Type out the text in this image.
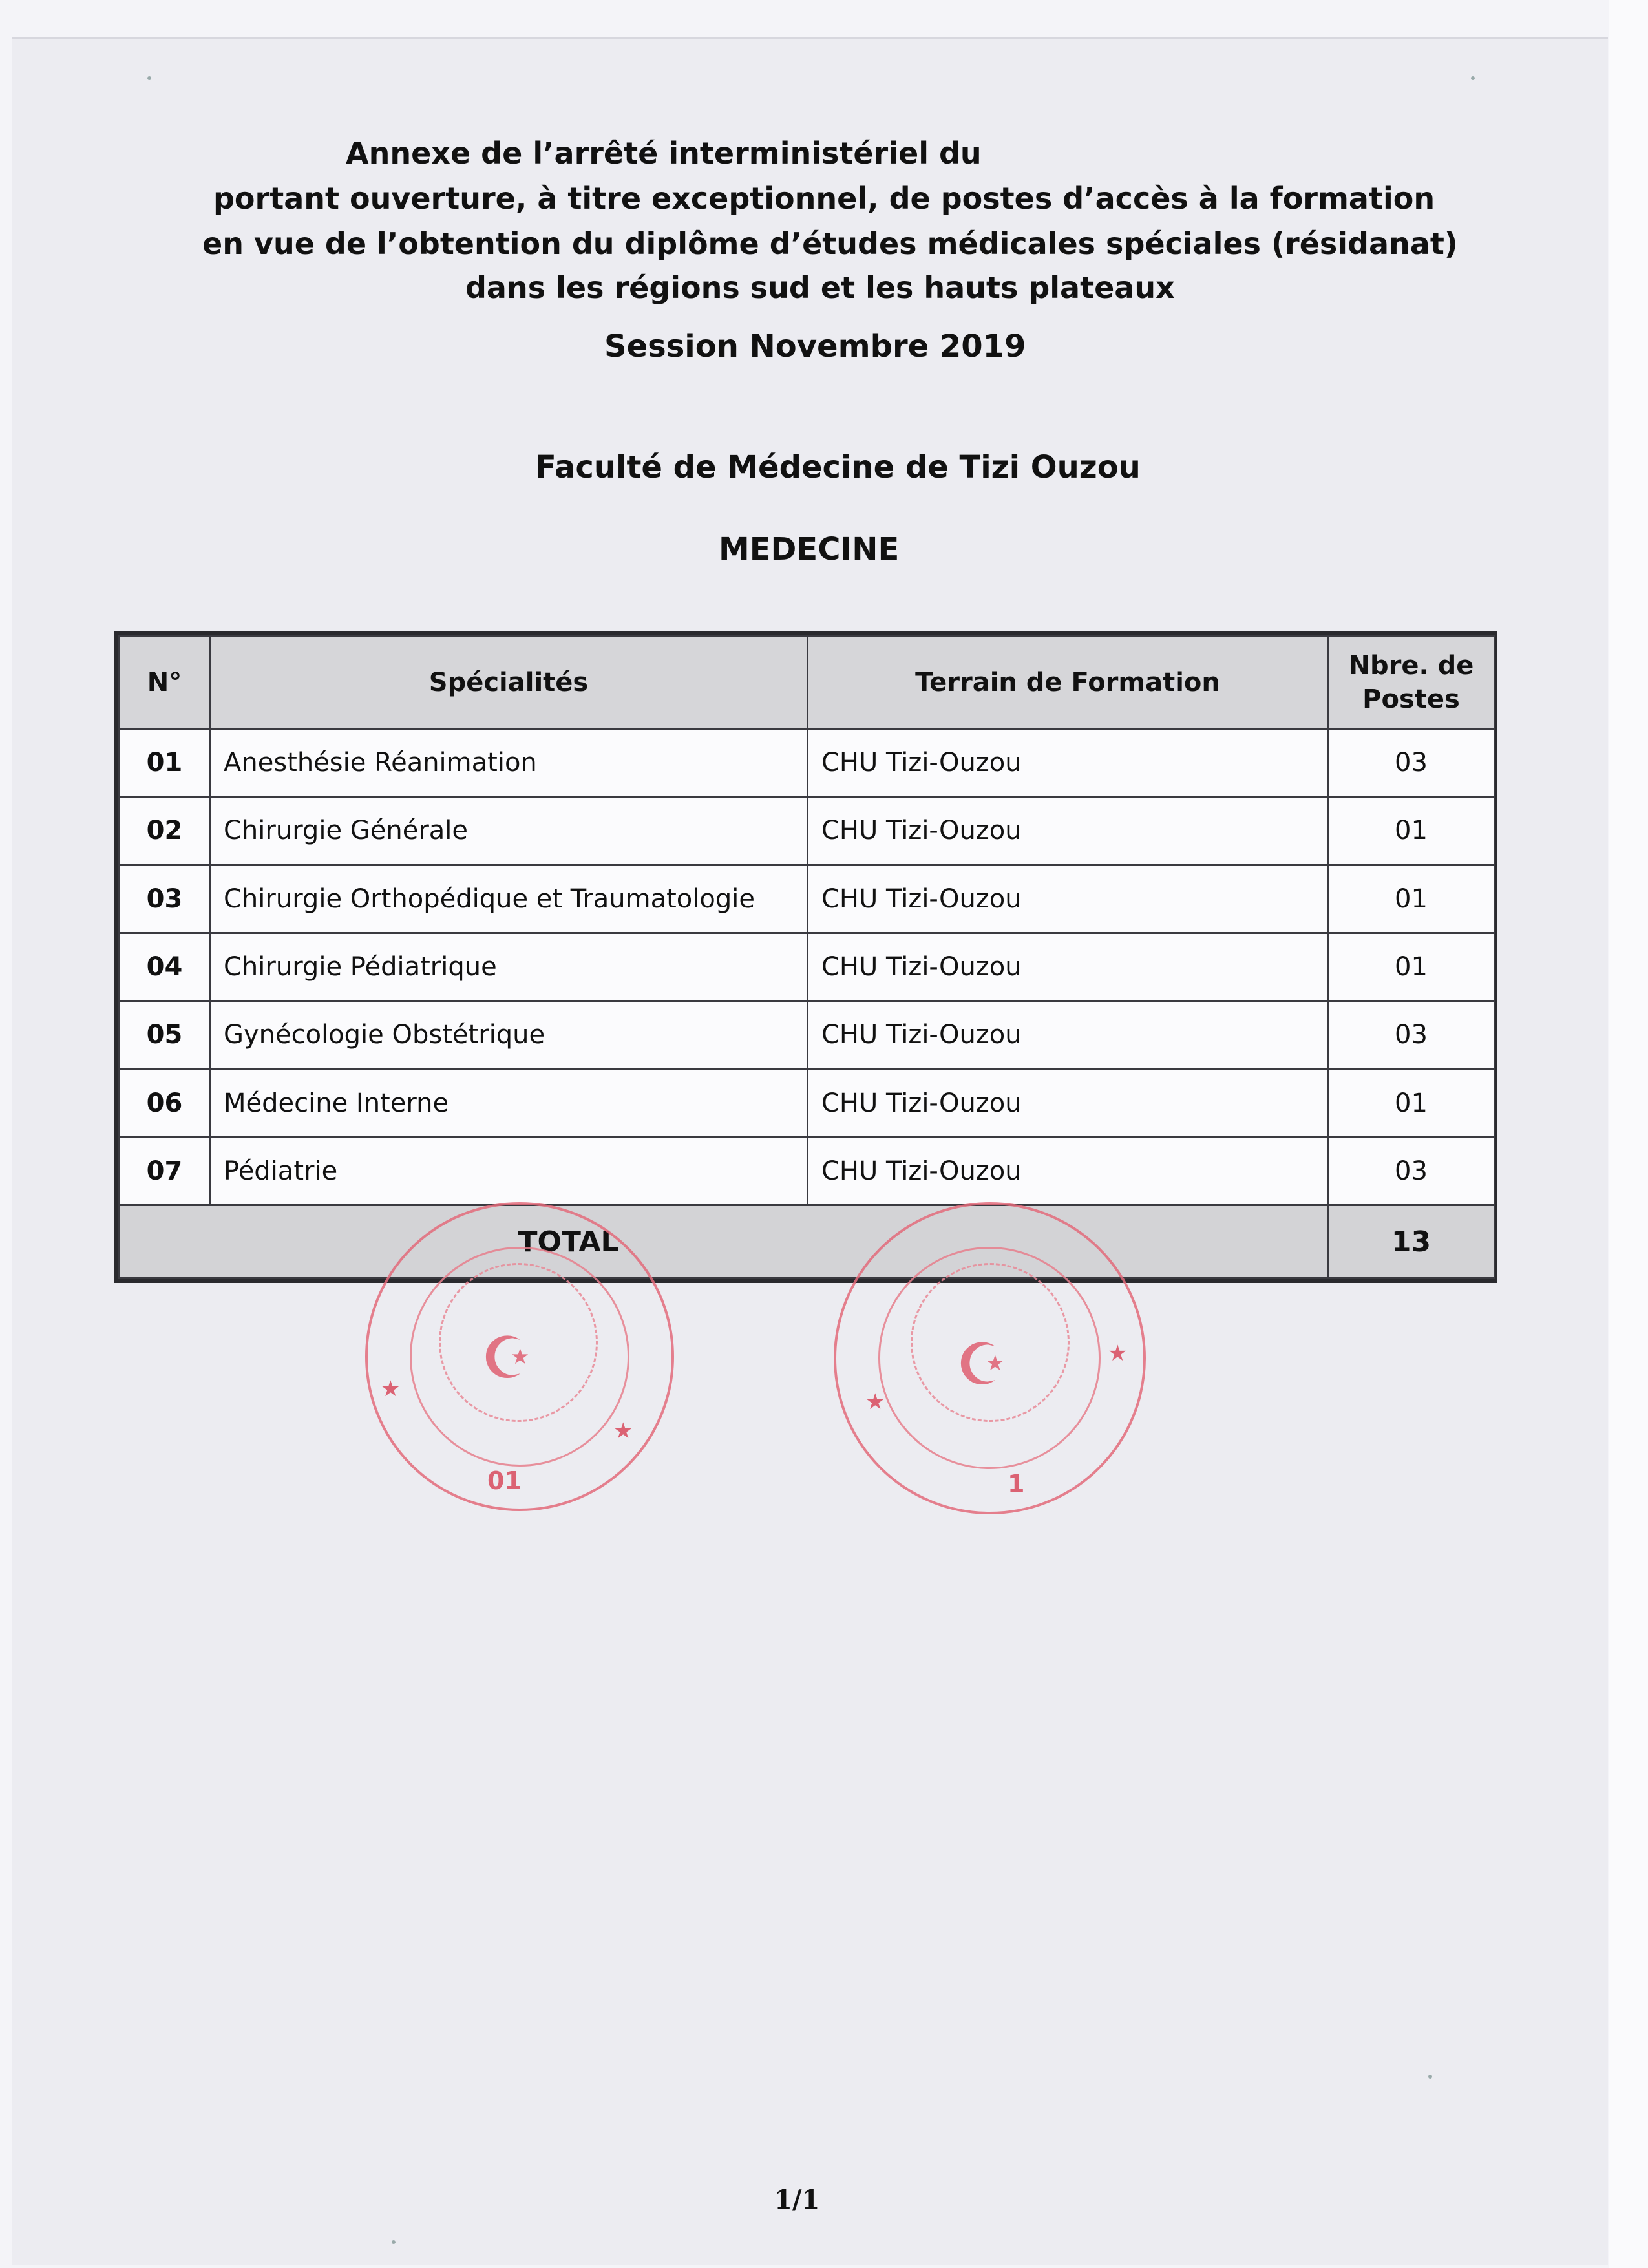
Annexe de l’arrêté interministériel du
portant ouverture, à titre exceptionnel, de postes d’accès à la formation
en vue de l’obtention du diplôme d’études médicales spéciales (résidanat)
dans les régions sud et les hauts plateaux
Session Novembre 2019
Faculté de Médecine de Tizi Ouzou
MEDECINE
N°	Spécialités	Terrain de Formation	Nbre. de Postes
01	Anesthésie Réanimation	CHU Tizi-Ouzou	03
02	Chirurgie Générale	CHU Tizi-Ouzou	01
03	Chirurgie Orthopédique et Traumatologie	CHU Tizi-Ouzou	01
04	Chirurgie Pédiatrique	CHU Tizi-Ouzou	01
05	Gynécologie Obstétrique	CHU Tizi-Ouzou	03
06	Médecine Interne	CHU Tizi-Ouzou	01
07	Pédiatrie	CHU Tizi-Ouzou	03
TOTAL			13
☪
★
★
01
☪
★
★
1
1/1
